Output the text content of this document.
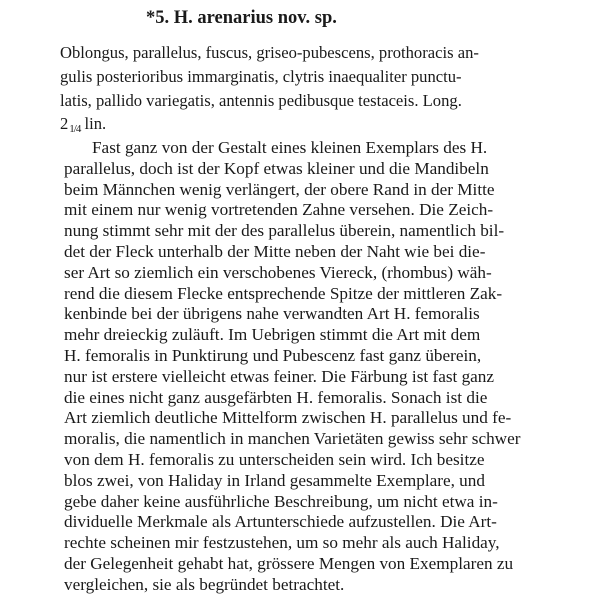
*5. H. arenarius nov. sp.
Oblongus, parallelus, fuscus, griseo-pubescens, prothoracis an-
gulis posterioribus immarginatis, clytris inaequaliter punctu-
latis, pallido variegatis, antennis pedibusque testaceis. Long.
21/4 lin.
Fast ganz von der Gestalt eines kleinen Exemplars des H.
parallelus, doch ist der Kopf etwas kleiner und die Mandibeln
beim Männchen wenig verlängert, der obere Rand in der Mitte
mit einem nur wenig vortretenden Zahne versehen. Die Zeich-
nung stimmt sehr mit der des parallelus überein, namentlich bil-
det der Fleck unterhalb der Mitte neben der Naht wie bei die-
ser Art so ziemlich ein verschobenes Viereck, (rhombus) wäh-
rend die diesem Flecke entsprechende Spitze der mittleren Zak-
kenbinde bei der übrigens nahe verwandten Art H. femoralis
mehr dreieckig zuläuft. Im Uebrigen stimmt die Art mit dem
H. femoralis in Punktirung und Pubescenz fast ganz überein,
nur ist erstere vielleicht etwas feiner. Die Färbung ist fast ganz
die eines nicht ganz ausgefärbten H. femoralis. Sonach ist die
Art ziemlich deutliche Mittelform zwischen H. parallelus und fe-
moralis, die namentlich in manchen Varietäten gewiss sehr schwer
von dem H. femoralis zu unterscheiden sein wird. Ich besitze
blos zwei, von Haliday in Irland gesammelte Exemplare, und
gebe daher keine ausführliche Beschreibung, um nicht etwa in-
dividuelle Merkmale als Artunterschiede aufzustellen. Die Art-
rechte scheinen mir festzustehen, um so mehr als auch Haliday,
der Gelegenheit gehabt hat, grössere Mengen von Exemplaren zu
vergleichen, sie als begründet betrachtet.
